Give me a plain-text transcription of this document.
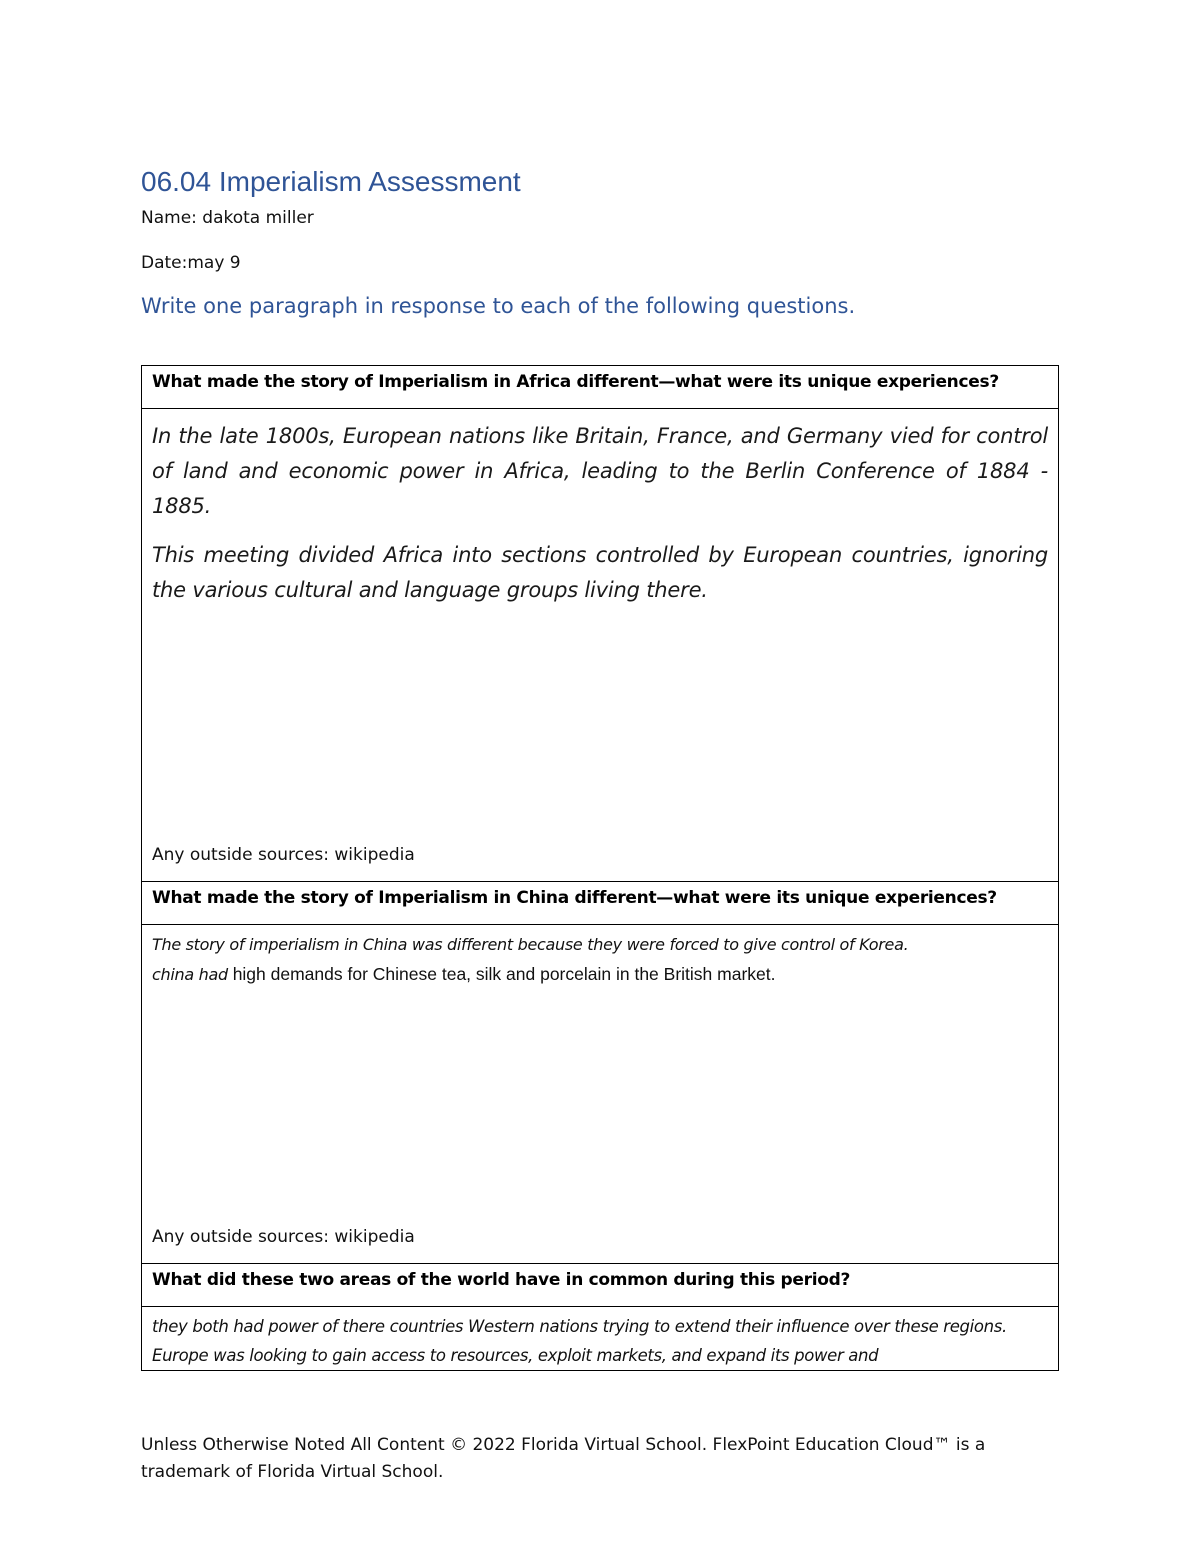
06.04 Imperialism Assessment
Name: dakota miller
Date:may 9
Write one paragraph in response to each of the following questions.
What made the story of Imperialism in Africa different—what were its unique experiences?

In the late 1800s, European nations like Britain, France, and Germany vied for control of land and economic power in Africa, leading to the Berlin Conference of 1884 - 1885.

This meeting divided Africa into sections controlled by European countries, ignoring the various cultural and language groups living there.

Any outside sources: wikipedia

What made the story of Imperialism in China different—what were its unique experiences?

The story of imperialism in China was different because they were forced to give control of Korea.
china had high demands for Chinese tea, silk and porcelain in the British market.

Any outside sources: wikipedia

What did these two areas of the world have in common during this period?

they both had power of there countries Western nations trying to extend their influence over these regions. Europe was looking to gain access to resources, exploit markets, and expand its power and

Unless Otherwise Noted All Content © 2022 Florida Virtual School. FlexPoint Education Cloud™ is a trademark of Florida Virtual School.
